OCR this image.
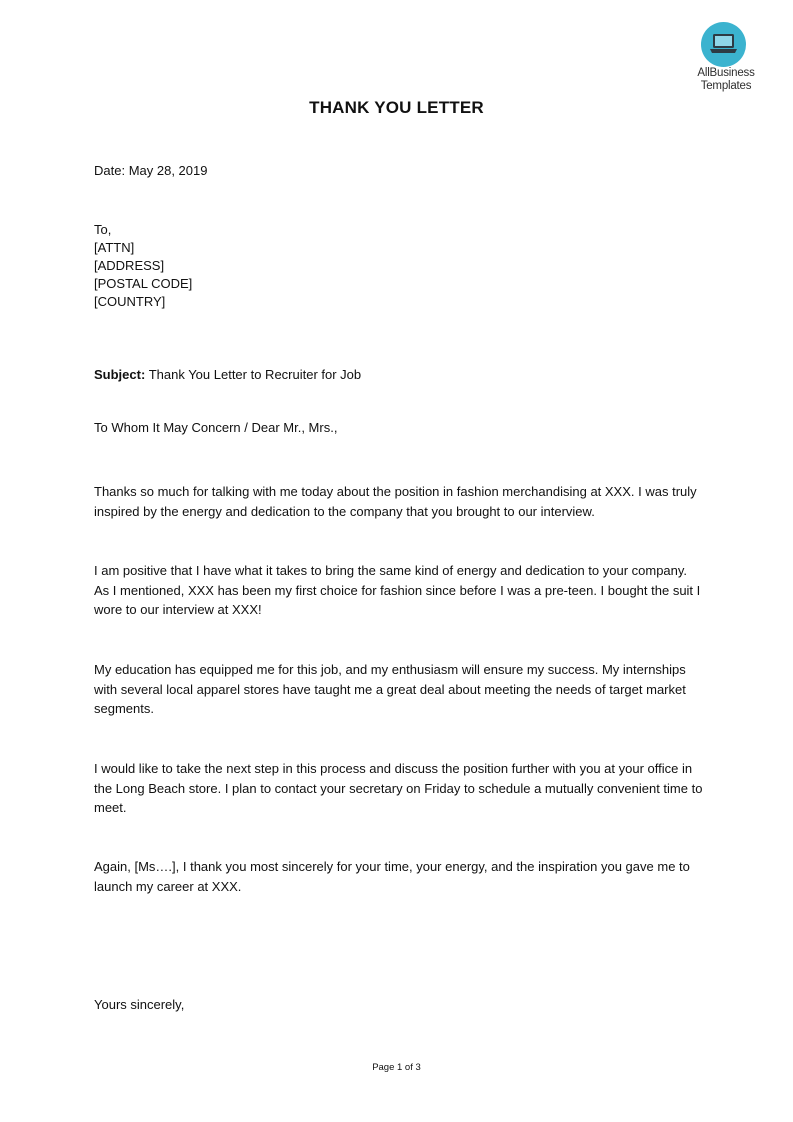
AllBusiness
Templates
THANK YOU LETTER
Date: May 28, 2019
To,
[ATTN]
[ADDRESS]
[POSTAL CODE]
[COUNTRY]
Subject: Thank You Letter to Recruiter for Job
To Whom It May Concern / Dear Mr., Mrs.,
Thanks so much for talking with me today about the position in fashion merchandising at XXX. I was truly inspired by the energy and dedication to the company that you brought to our interview.
I am positive that I have what it takes to bring the same kind of energy and dedication to your company. As I mentioned, XXX has been my first choice for fashion since before I was a pre-teen. I bought the suit I wore to our interview at XXX!
My education has equipped me for this job, and my enthusiasm will ensure my success. My internships with several local apparel stores have taught me a great deal about meeting the needs of target market segments.
I would like to take the next step in this process and discuss the position further with you at your office in the Long Beach store. I plan to contact your secretary on Friday to schedule a mutually convenient time to meet.
Again, [Ms….], I thank you most sincerely for your time, your energy, and the inspiration you gave me to launch my career at XXX.
Yours sincerely,
Page 1 of 3
